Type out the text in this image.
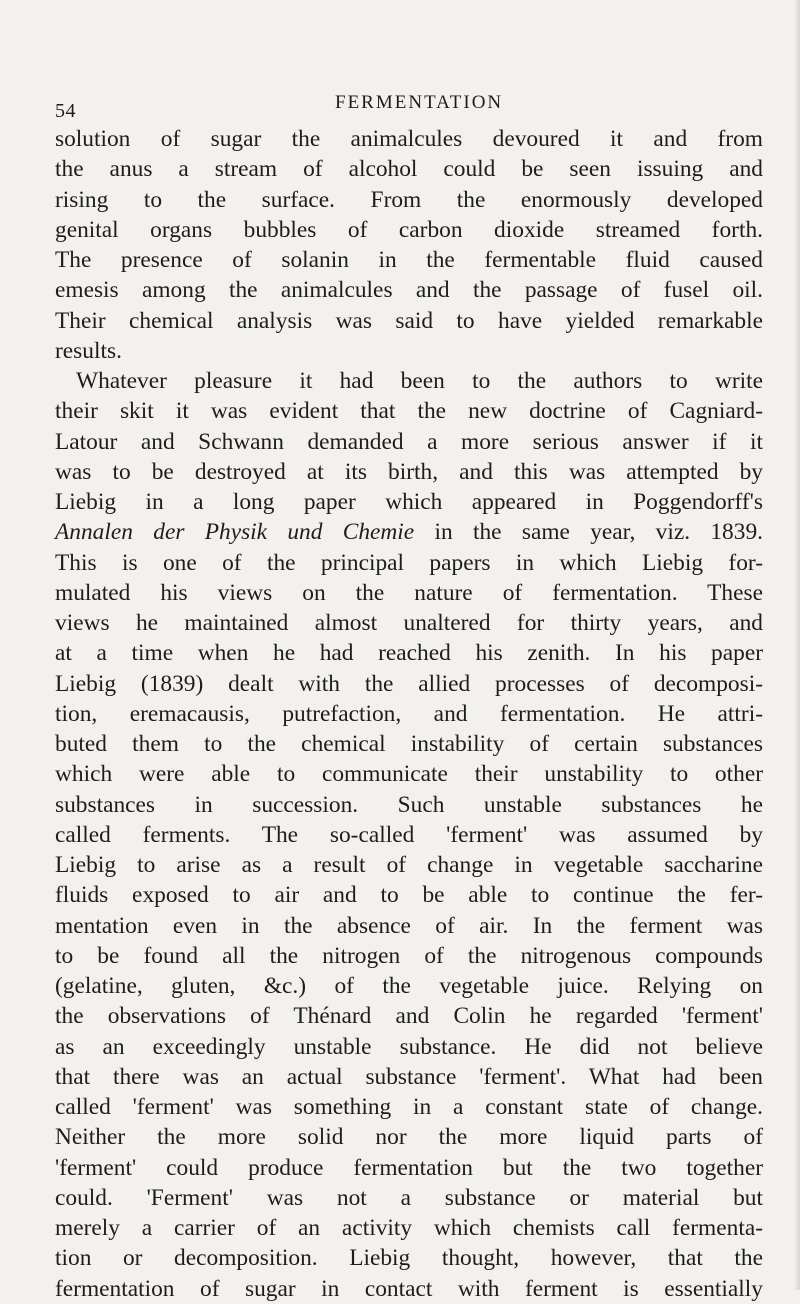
54	FERMENTATION
solution of sugar the animalcules devoured it and from
the anus a stream of alcohol could be seen issuing and
rising to the surface. From the enormously developed
genital organs bubbles of carbon dioxide streamed forth.
The presence of solanin in the fermentable fluid caused
emesis among the animalcules and the passage of fusel oil.
Their chemical analysis was said to have yielded remarkable
results.
Whatever pleasure it had been to the authors to write
their skit it was evident that the new doctrine of Cagniard-
Latour and Schwann demanded a more serious answer if it
was to be destroyed at its birth, and this was attempted by
Liebig in a long paper which appeared in Poggendorff's
Annalen der Physik und Chemie in the same year, viz. 1839.
This is one of the principal papers in which Liebig for-
mulated his views on the nature of fermentation. These
views he maintained almost unaltered for thirty years, and
at a time when he had reached his zenith. In his paper
Liebig (1839) dealt with the allied processes of decomposi-
tion, eremacausis, putrefaction, and fermentation. He attri-
buted them to the chemical instability of certain substances
which were able to communicate their unstability to other
substances in succession. Such unstable substances he
called ferments. The so-called 'ferment' was assumed by
Liebig to arise as a result of change in vegetable saccharine
fluids exposed to air and to be able to continue the fer-
mentation even in the absence of air. In the ferment was
to be found all the nitrogen of the nitrogenous compounds
(gelatine, gluten, &c.) of the vegetable juice. Relying on
the observations of Thénard and Colin he regarded 'ferment'
as an exceedingly unstable substance. He did not believe
that there was an actual substance 'ferment'. What had been
called 'ferment' was something in a constant state of change.
Neither the more solid nor the more liquid parts of
'ferment' could produce fermentation but the two together
could. 'Ferment' was not a substance or material but
merely a carrier of an activity which chemists call fermenta-
tion or decomposition. Liebig thought, however, that the
fermentation of sugar in contact with ferment is essentially
